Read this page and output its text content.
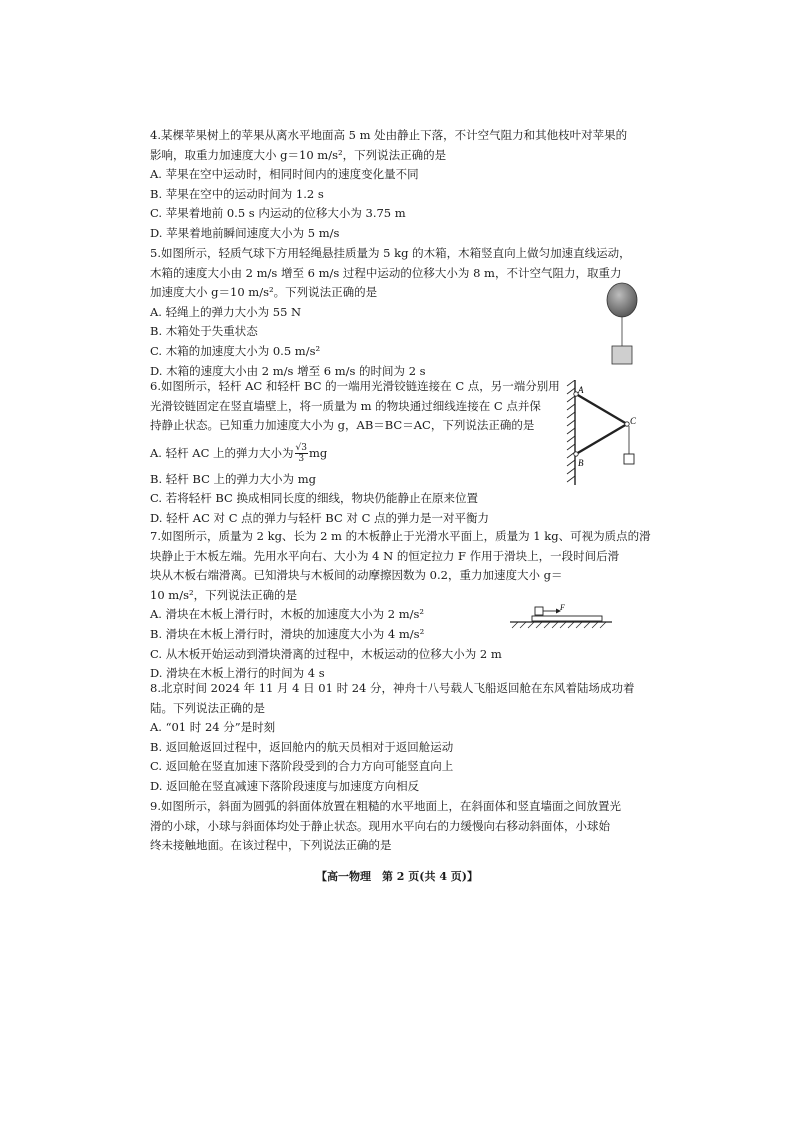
4.某棵苹果树上的苹果从离水平地面高 5 m 处由静止下落，不计空气阻力和其他枝叶对苹果的
影响，取重力加速度大小 g＝10 m/s²，下列说法正确的是
A. 苹果在空中运动时，相同时间内的速度变化量不同
B. 苹果在空中的运动时间为 1.2 s
C. 苹果着地前 0.5 s 内运动的位移大小为 3.75 m
D. 苹果着地前瞬间速度大小为 5 m/s
5.如图所示，轻质气球下方用轻绳悬挂质量为 5 kg 的木箱，木箱竖直向上做匀加速直线运动，
木箱的速度大小由 2 m/s 增至 6 m/s 过程中运动的位移大小为 8 m，不计空气阻力，取重力
加速度大小 g＝10 m/s²。下列说法正确的是
A. 轻绳上的弹力大小为 55 N
B. 木箱处于失重状态
C. 木箱的加速度大小为 0.5 m/s²
D. 木箱的速度大小由 2 m/s 增至 6 m/s 的时间为 2 s
6.如图所示，轻杆 AC 和轻杆 BC 的一端用光滑铰链连接在 C 点，另一端分别用
光滑铰链固定在竖直墙壁上，将一质量为 m 的物块通过细线连接在 C 点并保
持静止状态。已知重力加速度大小为 g，AB＝BC＝AC，下列说法正确的是
A. 轻杆 AC 上的弹力大小为 $\frac{√3}{3}$ mg
B. 轻杆 BC 上的弹力大小为 mg
C. 若将轻杆 BC 换成相同长度的细线，物块仍能静止在原来位置
D. 轻杆 AC 对 C 点的弹力与轻杆 BC 对 C 点的弹力是一对平衡力
A
B
C
7.如图所示，质量为 2 kg、长为 2 m 的木板静止于光滑水平面上，质量为 1 kg、可视为质点的滑
块静止于木板左端。先用水平向右、大小为 4 N 的恒定拉力 F 作用于滑块上，一段时间后滑
块从木板右端滑离。已知滑块与木板间的动摩擦因数为 0.2，重力加速度大小 g＝
10 m/s²，下列说法正确的是
A. 滑块在木板上滑行时，木板的加速度大小为 2 m/s²
B. 滑块在木板上滑行时，滑块的加速度大小为 4 m/s²
C. 从木板开始运动到滑块滑离的过程中，木板运动的位移大小为 2 m
D. 滑块在木板上滑行的时间为 4 s
F
8.北京时间 2024 年 11 月 4 日 01 时 24 分，神舟十八号载人飞船返回舱在东风着陆场成功着
陆。下列说法正确的是
A. “01 时 24 分”是时刻
B. 返回舱返回过程中，返回舱内的航天员相对于返回舱运动
C. 返回舱在竖直加速下落阶段受到的合力方向可能竖直向上
D. 返回舱在竖直减速下落阶段速度与加速度方向相反
9.如图所示，斜面为圆弧的斜面体放置在粗糙的水平地面上，在斜面体和竖直墙面之间放置光
滑的小球，小球与斜面体均处于静止状态。现用水平向右的力缓慢向右移动斜面体，小球始
终未接触地面。在该过程中，下列说法正确的是
【高一物理　第 2 页(共 4 页)】
